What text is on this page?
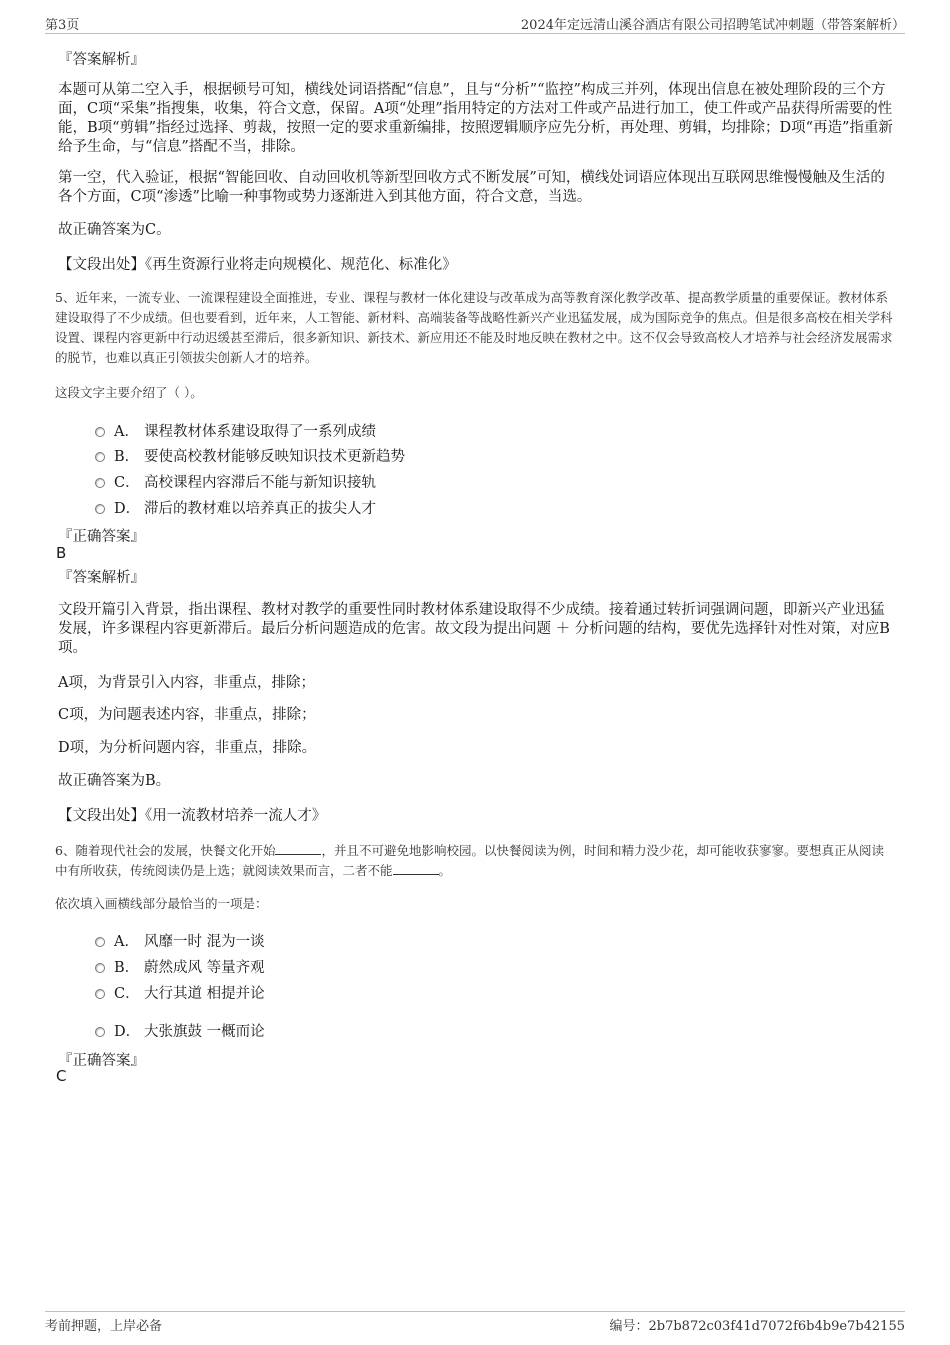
第3页	2024年定远清山溪谷酒店有限公司招聘笔试冲刺题（带答案解析）
『答案解析』
本题可从第二空入手，根据顿号可知，横线处词语搭配“信息”，且与“分析”“监控”构成三并列，体现出信息在被处理阶段的三个方面，C项“采集”指搜集，收集，符合文意，保留。A项“处理”指用特定的方法对工件或产品进行加工，使工件或产品获得所需要的性能，B项“剪辑”指经过选择、剪裁，按照一定的要求重新编排，按照逻辑顺序应先分析，再处理、剪辑，均排除；D项“再造”指重新给予生命，与“信息”搭配不当，排除。
第一空，代入验证，根据“智能回收、自动回收机等新型回收方式不断发展”可知，横线处词语应体现出互联网思维慢慢触及生活的各个方面，C项“渗透”比喻一种事物或势力逐渐进入到其他方面，符合文意，当选。
故正确答案为C。
【文段出处】《再生资源行业将走向规模化、规范化、标准化》
5、近年来，一流专业、一流课程建设全面推进，专业、课程与教材一体化建设与改革成为高等教育深化教学改革、提高教学质量的重要保证。教材体系建设取得了不少成绩。但也要看到，近年来，人工智能、新材料、高端装备等战略性新兴产业迅猛发展，成为国际竞争的焦点。但是很多高校在相关学科设置、课程内容更新中行动迟缓甚至滞后，很多新知识、新技术、新应用还不能及时地反映在教材之中。这不仅会导致高校人才培养与社会经济发展需求的脱节，也难以真正引领拔尖创新人才的培养。
这段文字主要介绍了（ ）。
A． 课程教材体系建设取得了一系列成绩
B． 要使高校教材能够反映知识技术更新趋势
C． 高校课程内容滞后不能与新知识接轨
D． 滞后的教材难以培养真正的拔尖人才
『正确答案』
B
『答案解析』
文段开篇引入背景，指出课程、教材对教学的重要性同时教材体系建设取得不少成绩。接着通过转折词强调问题，即新兴产业迅猛发展，许多课程内容更新滞后。最后分析问题造成的危害。故文段为提出问题 ＋ 分析问题的结构，要优先选择针对性对策，对应B项。
A项，为背景引入内容，非重点，排除；
C项，为问题表述内容，非重点，排除；
D项，为分析问题内容，非重点，排除。
故正确答案为B。
【文段出处】《用一流教材培养一流人才》
6、随着现代社会的发展，快餐文化开始	，并且不可避免地影响校园。以快餐阅读为例，时间和精力没少花，却可能收获寥寥。要想真正从阅读中有所收获，传统阅读仍是上选；就阅读效果而言，二者不能	。
依次填入画横线部分最恰当的一项是：
A． 风靡一时 混为一谈
B． 蔚然成风 等量齐观
C． 大行其道 相提并论
D． 大张旗鼓 一概而论
『正确答案』
C
考前押题，上岸必备	编号：2b7b872c03f41d7072f6b4b9e7b42155
